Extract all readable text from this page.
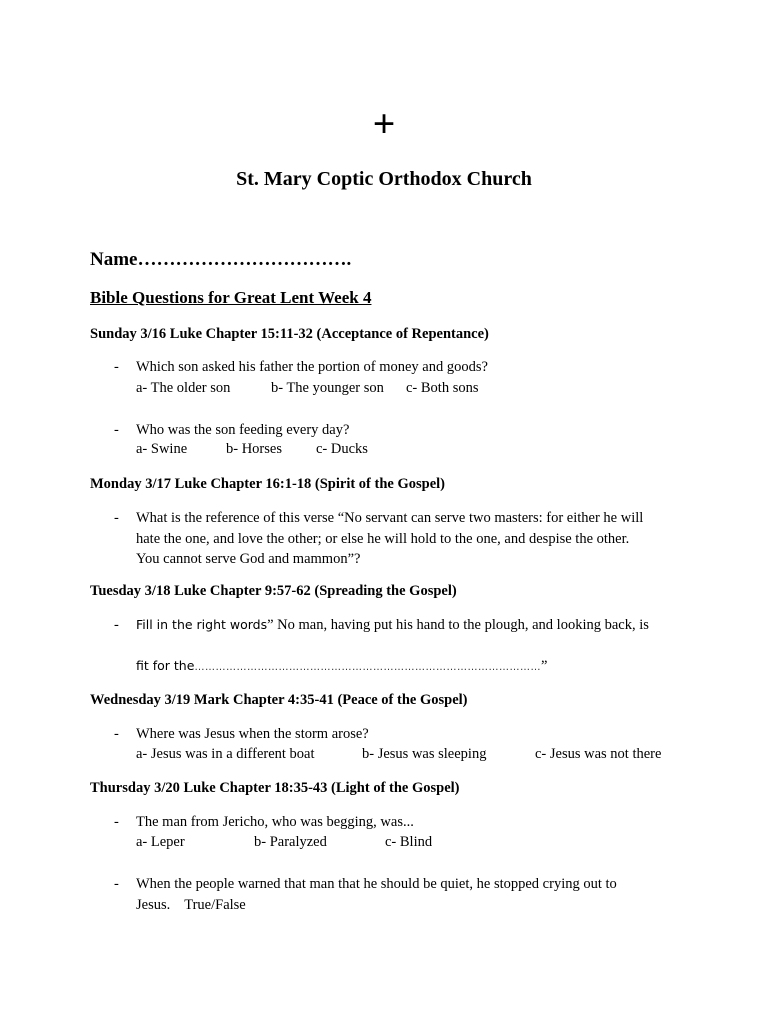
+
St. Mary Coptic Orthodox Church
Name…………………………….
Bible Questions for Great Lent Week 4
Sunday 3/16 Luke Chapter 15:11-32 (Acceptance of Repentance)
- Which son asked his father the portion of money and goods?
a- The older son	b- The younger son c- Both sons
- Who was the son feeding every day?
a- Swine	b- Horses c- Ducks
Monday 3/17 Luke Chapter 16:1-18 (Spirit of the Gospel)
- What is the reference of this verse “No servant can serve two masters: for either he will
hate the one, and love the other; or else he will hold to the one, and despise the other.
You cannot serve God and mammon”?
Tuesday 3/18 Luke Chapter 9:57-62 (Spreading the Gospel)
- Fill in the right words” No man, having put his hand to the plough, and looking back, is
fit for the………………………………………………………………………………………”
Wednesday 3/19 Mark Chapter 4:35-41 (Peace of the Gospel)
- Where was Jesus when the storm arose?
a- Jesus was in a different boat	b- Jesus was sleeping	c- Jesus was not there
Thursday 3/20 Luke Chapter 18:35-43 (Light of the Gospel)
- The man from Jericho, who was begging, was...
a- Leper	b- Paralyzed	c- Blind
- When the people warned that man that he should be quiet, he stopped crying out to
Jesus. True/False
